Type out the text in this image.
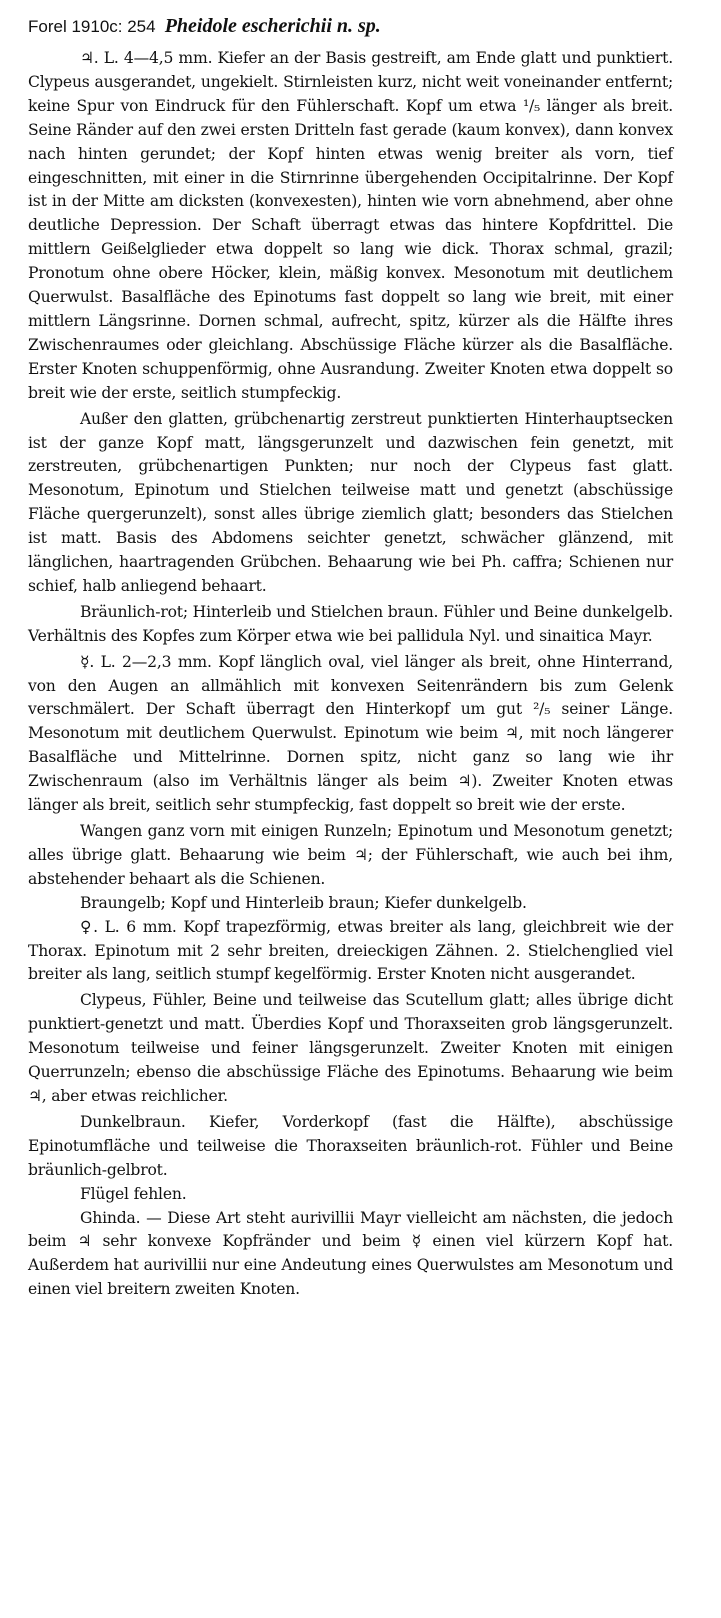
Forel 1910c: 254 Pheidole escherichii n. sp.

♃. L. 4—4,5 mm. Kiefer an der Basis gestreift, am Ende glatt und punktiert. Clypeus ausgerandet, ungekielt. Stirnleisten kurz, nicht weit voneinander entfernt; keine Spur von Eindruck für den Fühlerschaft. Kopf um etwa ¹/₅ länger als breit. Seine Ränder auf den zwei ersten Dritteln fast gerade (kaum konvex), dann konvex nach hinten gerundet; der Kopf hinten etwas wenig breiter als vorn, tief eingeschnitten, mit einer in die Stirnrinne übergehenden Occipitalrinne. Der Kopf ist in der Mitte am dicksten (konvexesten), hinten wie vorn abnehmend, aber ohne deutliche Depression. Der Schaft überragt etwas das hintere Kopfdrittel. Die mittlern Geißelglieder etwa doppelt so lang wie dick. Thorax schmal, grazil; Pronotum ohne obere Höcker, klein, mäßig konvex. Mesonotum mit deutlichem Querwulst. Basalfläche des Epinotums fast doppelt so lang wie breit, mit einer mittlern Längsrinne. Dornen schmal, aufrecht, spitz, kürzer als die Hälfte ihres Zwischenraumes oder gleichlang. Abschüssige Fläche kürzer als die Basalfläche. Erster Knoten schuppenförmig, ohne Ausrandung. Zweiter Knoten etwa doppelt so breit wie der erste, seitlich stumpfeckig.

Außer den glatten, grübchenartig zerstreut punktierten Hinterhauptsecken ist der ganze Kopf matt, längsgerunzelt und dazwischen fein genetzt, mit zerstreuten, grübchenartigen Punkten; nur noch der Clypeus fast glatt. Mesonotum, Epinotum und Stielchen teilweise matt und genetzt (abschüssige Fläche quergerunzelt), sonst alles übrige ziemlich glatt; besonders das Stielchen ist matt. Basis des Abdomens seichter genetzt, schwächer glänzend, mit länglichen, haartragenden Grübchen. Behaarung wie bei Ph. caffra; Schienen nur schief, halb anliegend behaart.

Bräunlich-rot; Hinterleib und Stielchen braun. Fühler und Beine dunkelgelb. Verhältnis des Kopfes zum Körper etwa wie bei pallidula Nyl. und sinaitica Mayr.

☿. L. 2—2,3 mm. Kopf länglich oval, viel länger als breit, ohne Hinterrand, von den Augen an allmählich mit konvexen Seitenrändern bis zum Gelenk verschmälert. Der Schaft überragt den Hinterkopf um gut ²/₅ seiner Länge. Mesonotum mit deutlichem Querwulst. Epinotum wie beim ♃, mit noch längerer Basalfläche und Mittelrinne. Dornen spitz, nicht ganz so lang wie ihr Zwischenraum (also im Verhältnis länger als beim ♃). Zweiter Knoten etwas länger als breit, seitlich sehr stumpfeckig, fast doppelt so breit wie der erste.

Wangen ganz vorn mit einigen Runzeln; Epinotum und Mesonotum genetzt; alles übrige glatt. Behaarung wie beim ♃; der Fühlerschaft, wie auch bei ihm, abstehender behaart als die Schienen.

Braungelb; Kopf und Hinterleib braun; Kiefer dunkelgelb.

♀. L. 6 mm. Kopf trapezförmig, etwas breiter als lang, gleichbreit wie der Thorax. Epinotum mit 2 sehr breiten, dreieckigen Zähnen. 2. Stielchenglied viel breiter als lang, seitlich stumpf kegelförmig. Erster Knoten nicht ausgerandet.

Clypeus, Fühler, Beine und teilweise das Scutellum glatt; alles übrige dicht punktiert-genetzt und matt. Überdies Kopf und Thoraxseiten grob längsgerunzelt. Mesonotum teilweise und feiner längsgerunzelt. Zweiter Knoten mit einigen Querrunzeln; ebenso die abschüssige Fläche des Epinotums. Behaarung wie beim ♃, aber etwas reichlicher.

Dunkelbraun. Kiefer, Vorderkopf (fast die Hälfte), abschüssige Epinotumfläche und teilweise die Thoraxseiten bräunlich-rot. Fühler und Beine bräunlich-gelbrot.

Flügel fehlen.

Ghinda. — Diese Art steht aurivillii Mayr vielleicht am nächsten, die jedoch beim ♃ sehr konvexe Kopfränder und beim ☿ einen viel kürzern Kopf hat. Außerdem hat aurivillii nur eine Andeutung eines Querwulstes am Mesonotum und einen viel breitern zweiten Knoten.
